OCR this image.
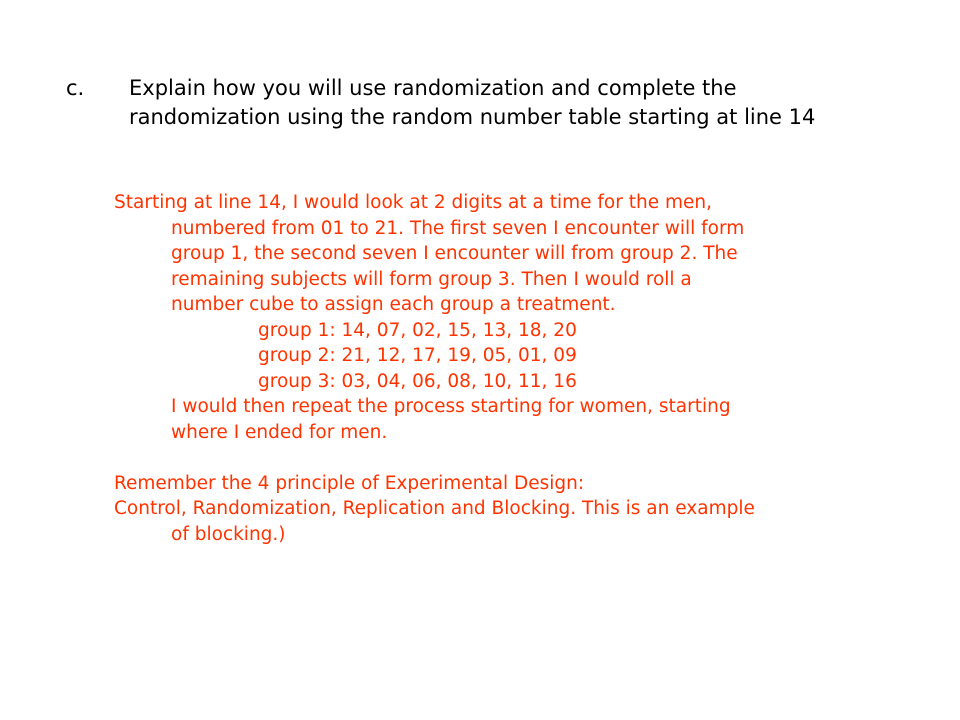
c. Explain how you will use randomization and complete the randomization using the random number table starting at line 14
Starting at line 14, I would look at 2 digits at a time for the men,
numbered from 01 to 21. The first seven I encounter will form
group 1, the second seven I encounter will from group 2. The
remaining subjects will form group 3. Then I would roll a
number cube to assign each group a treatment.
group 1: 14, 07, 02, 15, 13, 18, 20
group 2: 21, 12, 17, 19, 05, 01, 09
group 3: 03, 04, 06, 08, 10, 11, 16
I would then repeat the process starting for women, starting
where I ended for men.
Remember the 4 principle of Experimental Design:
Control, Randomization, Replication and Blocking. This is an example
of blocking.)
